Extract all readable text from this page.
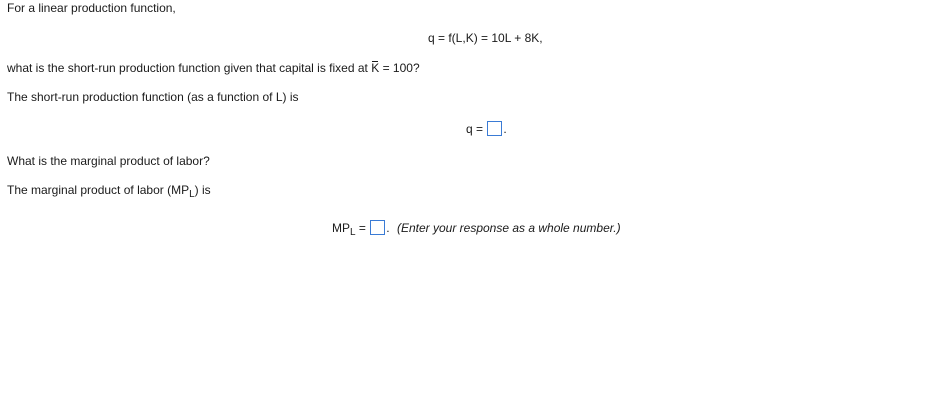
For a linear production function,
q = f(L,K) = 10L + 8K,
what is the short-run production function given that capital is fixed at K = 100?
The short-run production function (as a function of L) is
q = .
What is the marginal product of labor?
The marginal product of labor $(MP_L)$ is
$MP_L$ = . (Enter your response as a whole number.)
